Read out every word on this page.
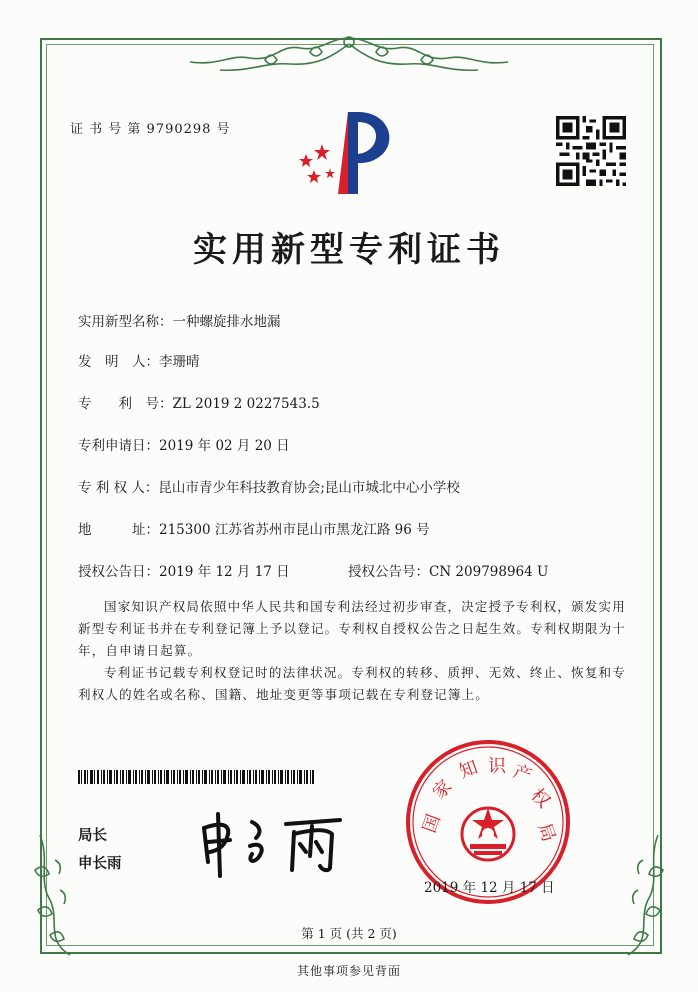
证 书 号 第 9790298 号
实用新型专利证书
实用新型名称：一种螺旋排水地漏
发　明　人：李珊晴
专　　利　号：ZL 2019 2 0227543.5
专利申请日：2019 年 02 月 20 日
专 利 权 人：昆山市青少年科技教育协会;昆山市城北中心小学校
地　　　址：215300 江苏省苏州市昆山市黑龙江路 96 号
授权公告日：2019 年 12 月 17 日	授权公告号：CN 209798964 U
国家知识产权局依照中华人民共和国专利法经过初步审查，决定授予专利权，颁发实用新型专利证书并在专利登记簿上予以登记。专利权自授权公告之日起生效。专利权期限为十年，自申请日起算。
专利证书记载专利权登记时的法律状况。专利权的转移、质押、无效、终止、恢复和专利权人的姓名或名称、国籍、地址变更等事项记载在专利登记簿上。
局长
申长雨
国
家
知 识 产
权
局
2019 年 12 月 17 日
第 1 页 (共 2 页)
其他事项参见背面
